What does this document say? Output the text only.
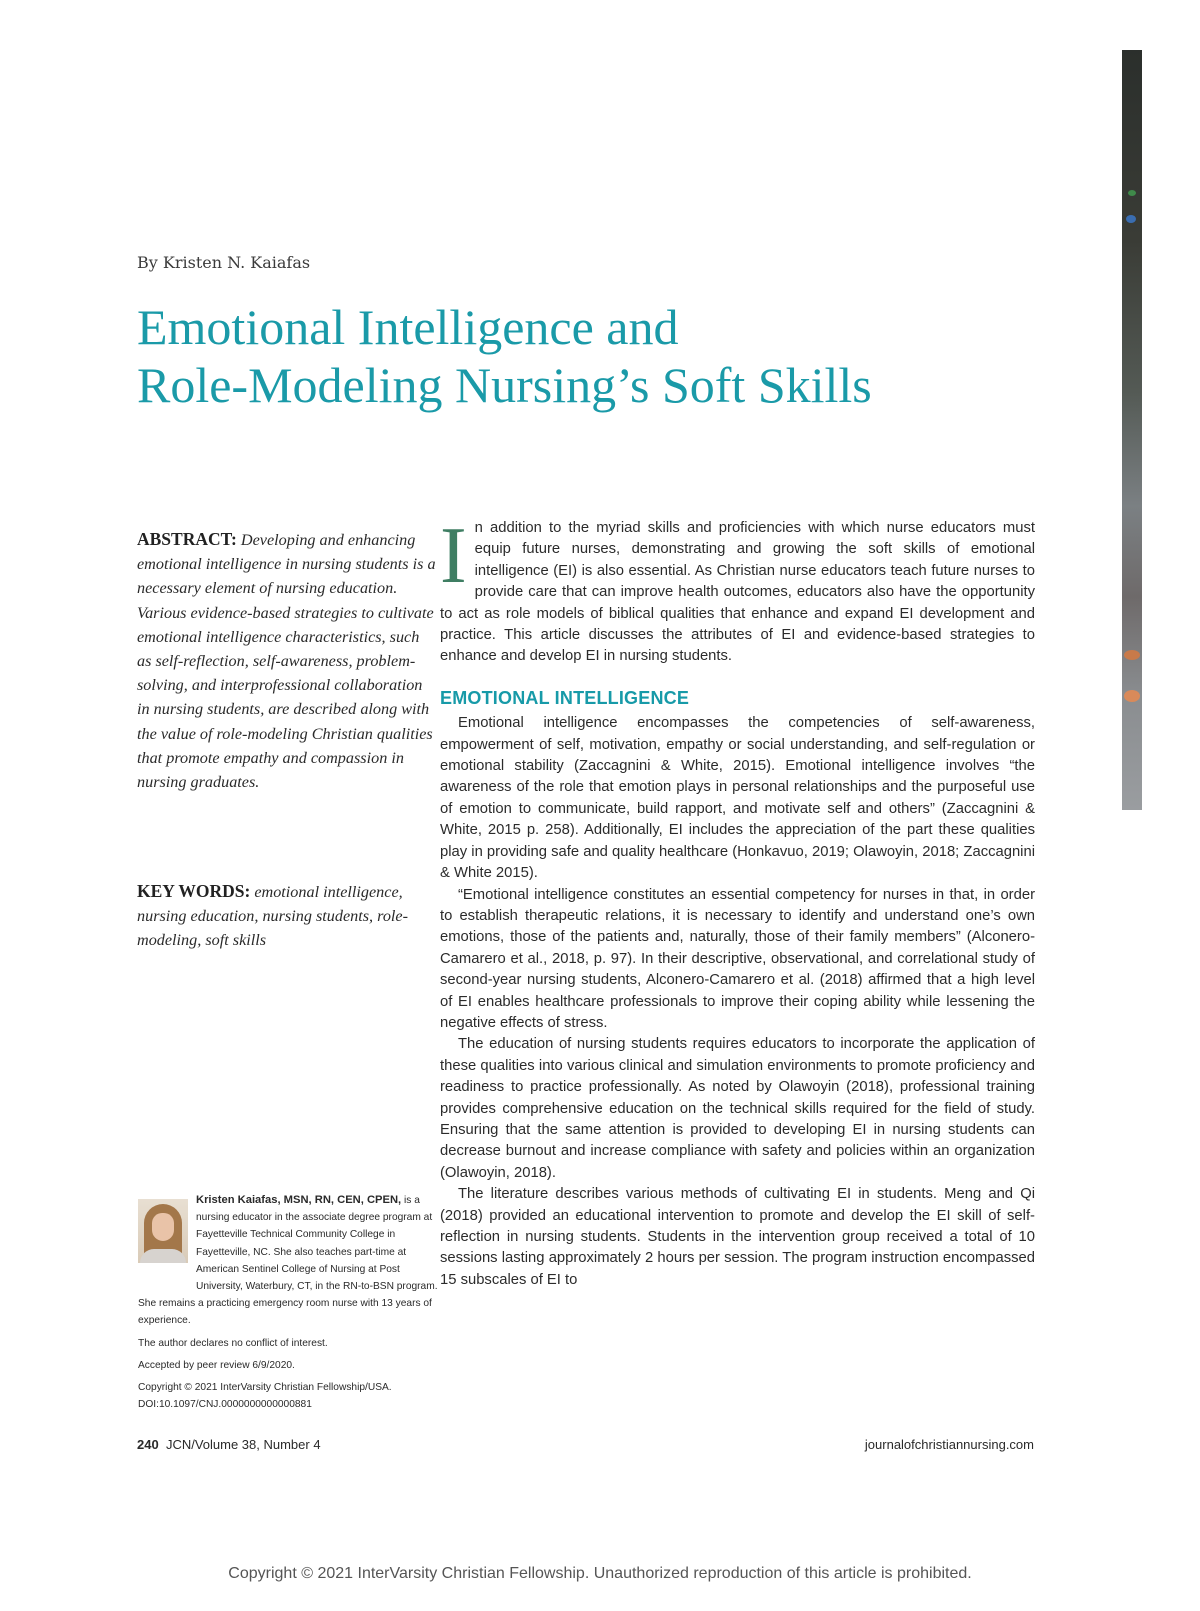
By Kristen N. Kaiafas

Emotional Intelligence and
Role-Modeling Nursing’s Soft Skills
ABSTRACT: Developing and enhancing emotional intelligence in nursing students is a necessary element of nursing education. Various evidence-based strategies to cultivate emotional intelligence characteristics, such as self-reflection, self-awareness, problem-solving, and interprofessional collaboration in nursing students, are described along with the value of role-modeling Christian qualities that promote empathy and compassion in nursing graduates.
KEY WORDS: emotional intelligence, nursing education, nursing students, role-modeling, soft skills

Kristen Kaiafas, MSN, RN, CEN, CPEN, is a nursing educator in the associate degree program at Fayetteville Technical Community College in Fayetteville, NC. She also teaches part-time at American Sentinel College of Nursing at Post University, Waterbury, CT, in the RN-to-BSN program. She remains a practicing emergency room nurse with 13 years of experience.

The author declares no conflict of interest.

Accepted by peer review 6/9/2020.

Copyright © 2021 InterVarsity Christian Fellowship/USA.

DOI:10.1097/CNJ.0000000000000881

In addition to the myriad skills and proficiencies with which nurse educators must equip future nurses, demonstrating and growing the soft skills of emotional intelligence (EI) is also essential. As Christian nurse educators teach future nurses to provide care that can improve health outcomes, educators also have the opportunity to act as role models of biblical qualities that enhance and expand EI development and practice. This article discusses the attributes of EI and evidence-based strategies to enhance and develop EI in nursing students.

EMOTIONAL INTELLIGENCE

Emotional intelligence encompasses the competencies of self-awareness, empowerment of self, motivation, empathy or social understanding, and self-regulation or emotional stability (Zaccagnini & White, 2015). Emotional intelligence involves “the awareness of the role that emotion plays in personal relationships and the purposeful use of emotion to communicate, build rapport, and motivate self and others” (Zaccagnini & White, 2015 p. 258). Additionally, EI includes the appreciation of the part these qualities play in providing safe and quality healthcare (Honkavuo, 2019; Olawoyin, 2018; Zaccagnini & White 2015).

“Emotional intelligence constitutes an essential competency for nurses in that, in order to establish therapeutic relations, it is necessary to identify and understand one’s own emotions, those of the patients and, naturally, those of their family members” (Alconero-Camarero et al., 2018, p. 97). In their descriptive, observational, and correlational study of second-year nursing students, Alconero-Camarero et al. (2018) affirmed that a high level of EI enables healthcare professionals to improve their coping ability while lessening the negative effects of stress.

The education of nursing students requires educators to incorporate the application of these qualities into various clinical and simulation environments to promote proficiency and readiness to practice professionally. As noted by Olawoyin (2018), professional training provides comprehensive education on the technical skills required for the field of study. Ensuring that the same attention is provided to developing EI in nursing students can decrease burnout and increase compliance with safety and policies within an organization (Olawoyin, 2018).

The literature describes various methods of cultivating EI in students. Meng and Qi (2018) provided an educational intervention to promote and develop the EI skill of self-reflection in nursing students. Students in the intervention group received a total of 10 sessions lasting approximately 2 hours per session. The program instruction encompassed 15 subscales of EI to

240 JCN/Volume 38, Number 4	journalofchristiannursing.com

Copyright © 2021 InterVarsity Christian Fellowship. Unauthorized reproduction of this article is prohibited.
